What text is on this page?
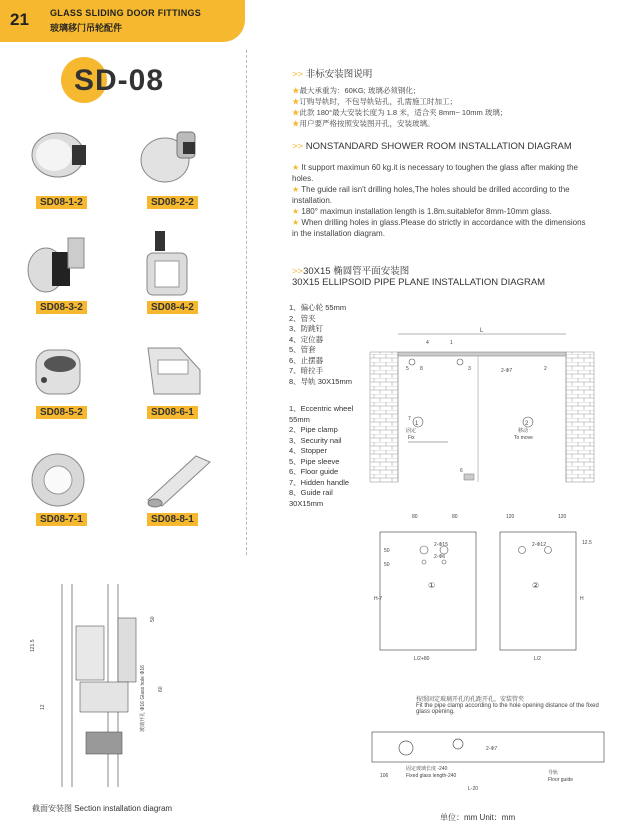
21 GLASS SLIDING DOOR FITTINGS
玻璃移门吊轮配件
SD-08
SD08-1-2	SD08-2-2
SD08-3-2	SD08-4-2
SD08-5-2	SD08-6-1
SD08-7-1	SD08-8-1
>> 非标安装图说明
★最大承重为：60KG; 玻璃必须钢化；
★订购导轨时，不包导轨钻孔，孔需施工时加工；
★此款 180°最大安装长度为 1.8 米，适合夹 8mm~ 10mm 玻璃；
★用户要严格按照安装图开孔，安装玻璃。
>> NONSTANDARD SHOWER ROOM INSTALLATION DIAGRAM
★ It support maximun 60 kg.it is necessary to toughen the glass after making the holes.
★ The guide rail isn't drilling holes,The holes should be drilled according to the installation.
★ 180° maximun installation length is 1.8m.suitablefor 8mm-10mm glass.
★ When drilling holes in glass.Please do strictly in accordance with the dimensions in the installation diagram.
>>30X15 椭圆管平面安装图
30X15 ELLIPSOID PIPE PLANE INSTALLATION DIAGRAM
1、偏心轮 55mm
2、管夹
3、防跳钉
4、定位器
5、管套
6、止摆器
7、暗拉手
8、导轨 30X15mm
1、Eccentric wheel 55mm
2、Pipe clamp
3、Security nail
4、Stopper
5、Pipe sleeve
6、Floor guide
7、Hidden handle
8、Guide rail 30X15mm
L
1
固定
Fix
2
移动
To move
2-Φ7
4	1
5 8	3	2
7
6
80	80
50
50
L/2+80
H-7
2-Φ15
2-Φ6
①
120	120
12.5
H
L/2
2-Φ12
②
按照固定玻璃开孔的孔距开孔，安装管夹
Fit the pipe clamp according to the hole opening distance of the fixed glass opening.
2-Φ7
固定玻璃长度 -240
Fixed glass length-240
106
L-20
导轨
Floor guide
121.5
12
50
60
玻璃开孔 Φ16 Glass hole Φ16
截面安装图 Section installation diagram
单位：mm Unit：mm
